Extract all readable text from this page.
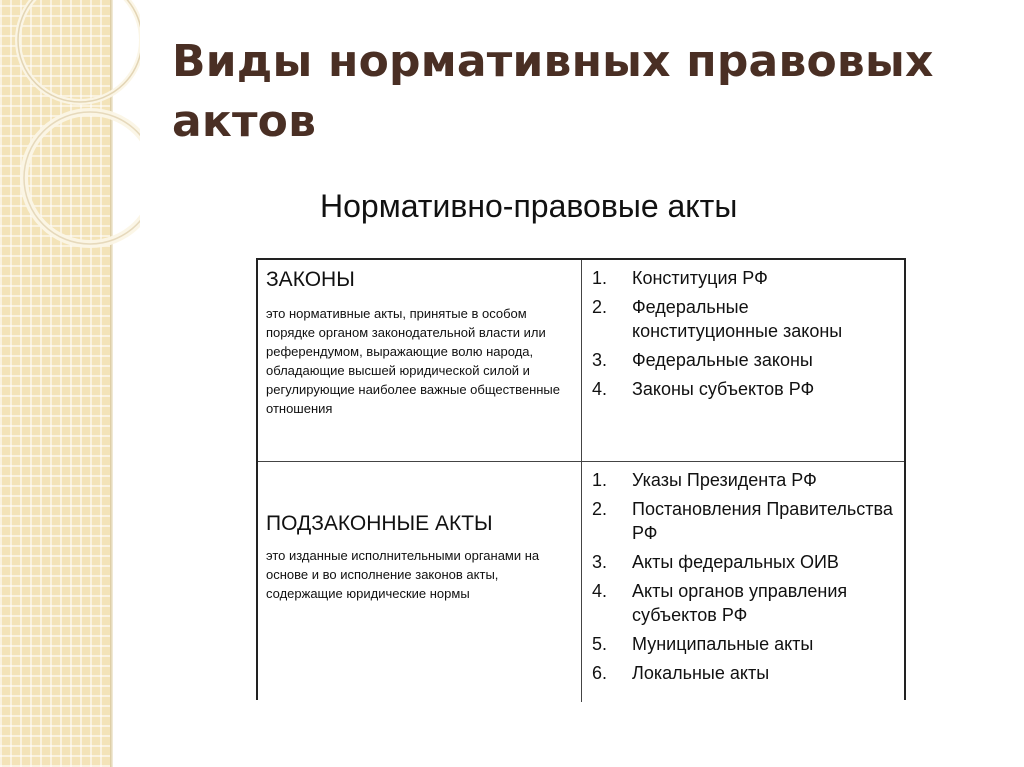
Виды нормативных правовых актов
Нормативно-правовые акты
ЗАКОНЫ
это нормативные акты, принятые в особом порядке органом законодательной власти или референдумом, выражающие волю народа, обладающие высшей юридической силой и регулирующие наиболее важные общественные отношения
1.	Конституция РФ
2.	Федеральные конституционные законы
3.	Федеральные законы
4.	Законы субъектов РФ
ПОДЗАКОННЫЕ АКТЫ
это изданные исполнительными органами на основе и во исполнение законов акты, содержащие юридические нормы
1.	Указы Президента РФ
2.	Постановления Правительства РФ
3.	Акты федеральных ОИВ
4.	Акты органов управления субъектов РФ
5.	Муниципальные акты
6.	Локальные акты
